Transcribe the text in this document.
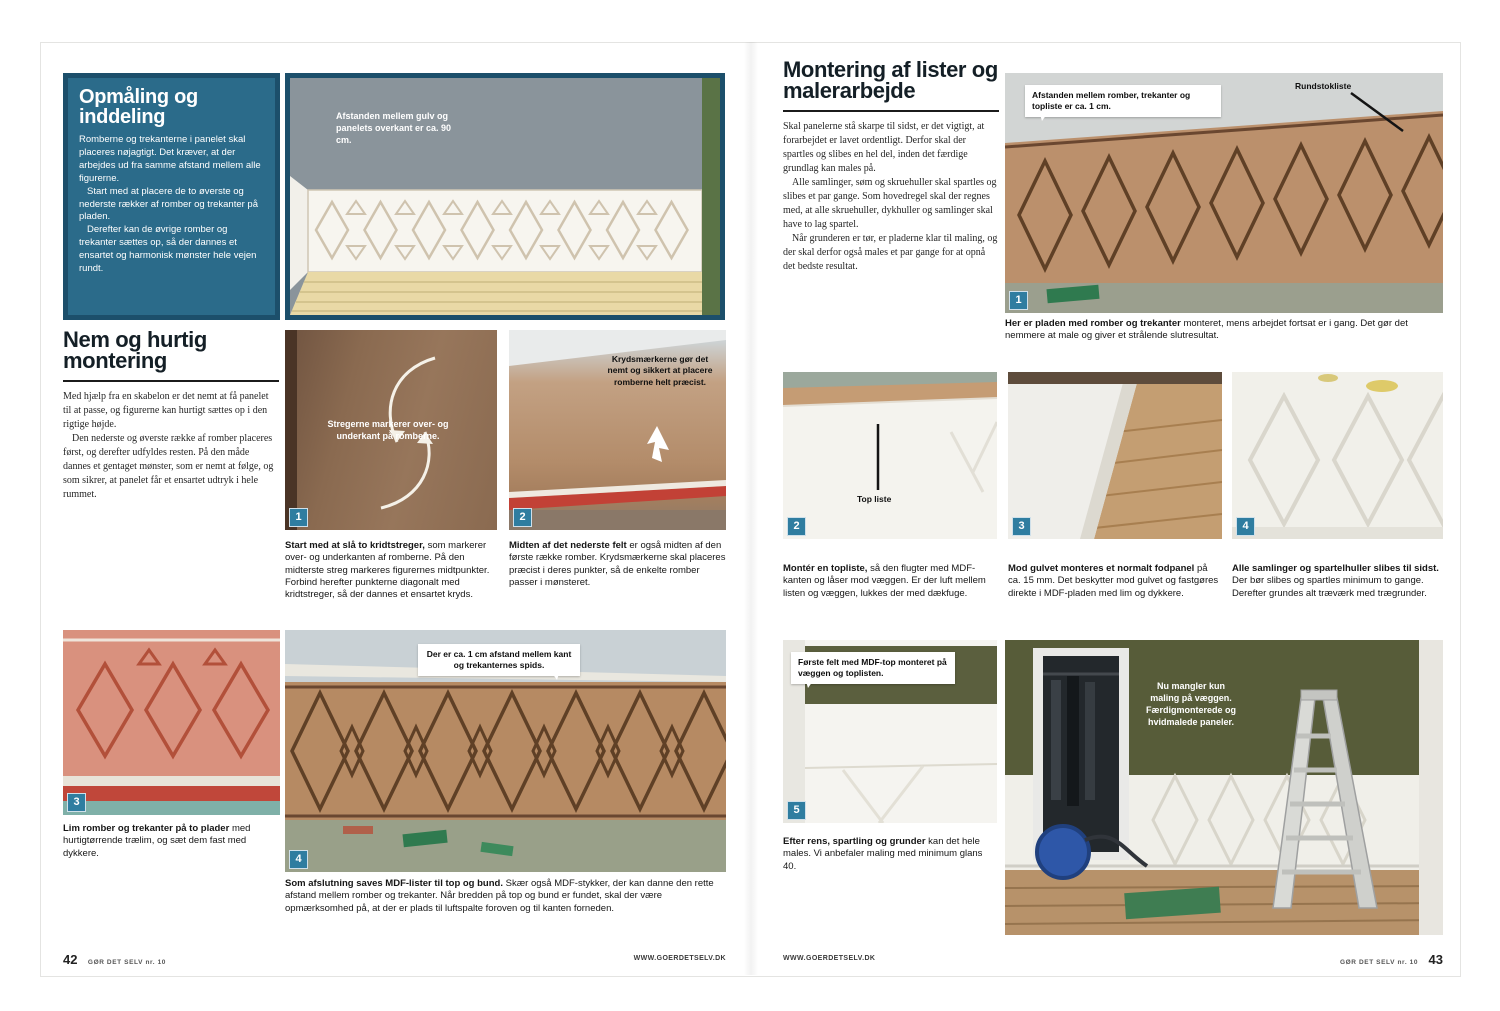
Opmåling og inddeling

Romberne og trekanterne i panelet skal placeres nøjagtigt. Det kræver, at der arbejdes ud fra samme afstand mellem alle figurerne.

Start med at placere de to øverste og nederste rækker af romber og trekanter på pladen.

Derefter kan de øvrige romber og trekanter sættes op, så der dannes et ensartet og harmonisk mønster hele vejen rundt.

Afstanden mellem gulv og panelets overkant er ca. 90 cm.
Nem og hurtig montering

Med hjælp fra en skabelon er det nemt at få panelet til at passe, og figurerne kan hurtigt sættes op i den rigtige højde.

Den nederste og øverste række af romber placeres først, og derefter udfyldes resten. På den måde dannes et gentaget mønster, som er nemt at følge, og som sikrer, at panelet får et ensartet udtryk i hele rummet.

Stregerne markerer over- og underkant på romberne.
1
Krydsmærkerne gør det nemt og sikkert at placere romberne helt præcist.
2
Start med at slå to kridtstreger, som markerer over- og underkanten af romberne. På den midterste streg markeres figurernes midtpunkter. Forbind herefter punkterne diagonalt med kridtstreger, så der dannes et ensartet kryds.
Midten af det nederste felt er også midten af den første række romber. Krydsmærkerne skal placeres præcist i deres punkter, så de enkelte romber passer i mønsteret.
3
Lim romber og trekanter på to plader med hurtigtørrende trælim, og sæt dem fast med dykkere.
Der er ca. 1 cm afstand mellem kant og trekanternes spids.
4
Som afslutning saves MDF-lister til top og bund. Skær også MDF-stykker, der kan danne den rette afstand mellem romber og trekanter. Når bredden på top og bund er fundet, skal der være opmærksomhed på, at der er plads til luftspalte foroven og til kanten forneden.
Montering af lister og malerarbejde

Skal panelerne stå skarpe til sidst, er det vigtigt, at forarbejdet er lavet ordentligt. Derfor skal der spartles og slibes en hel del, inden det færdige grundlag kan males på.

Alle samlinger, søm og skruehuller skal spartles og slibes et par gange. Som hovedregel skal der regnes med, at alle skruehuller, dykhuller og samlinger skal have to lag spartel.

Når grunderen er tør, er pladerne klar til maling, og der skal derfor også males et par gange for at opnå det bedste resultat.

Afstanden mellem romber, trekanter og topliste er ca. 1 cm.
Rundstokliste
1
Her er pladen med romber og trekanter monteret, mens arbejdet fortsat er i gang. Det gør det nemmere at male og giver et strålende slutresultat.
Top liste
2	3	4
Montér en topliste, så den flugter med MDF-kanten og låser mod væggen. Er der luft mellem listen og væggen, lukkes der med dækfuge.
Mod gulvet monteres et normalt fodpanel på ca. 15 mm. Det beskytter mod gulvet og fastgøres direkte i MDF-pladen med lim og dykkere.
Alle samlinger og spartelhuller slibes til sidst. Der bør slibes og spartles minimum to gange. Derefter grundes alt træværk med trægrunder.
Første felt med MDF-top monteret på væggen og toplisten.
5
Efter rens, spartling og grunder kan det hele males. Vi anbefaler maling med minimum glans 40.
Nu mangler kun maling på væggen. Færdigmonterede og hvidmalede paneler.
42 GØR DET SELV nr. 10
WWW.GOERDETSELV.DK	WWW.GOERDETSELV.DK
GØR DET SELV nr. 10 43
